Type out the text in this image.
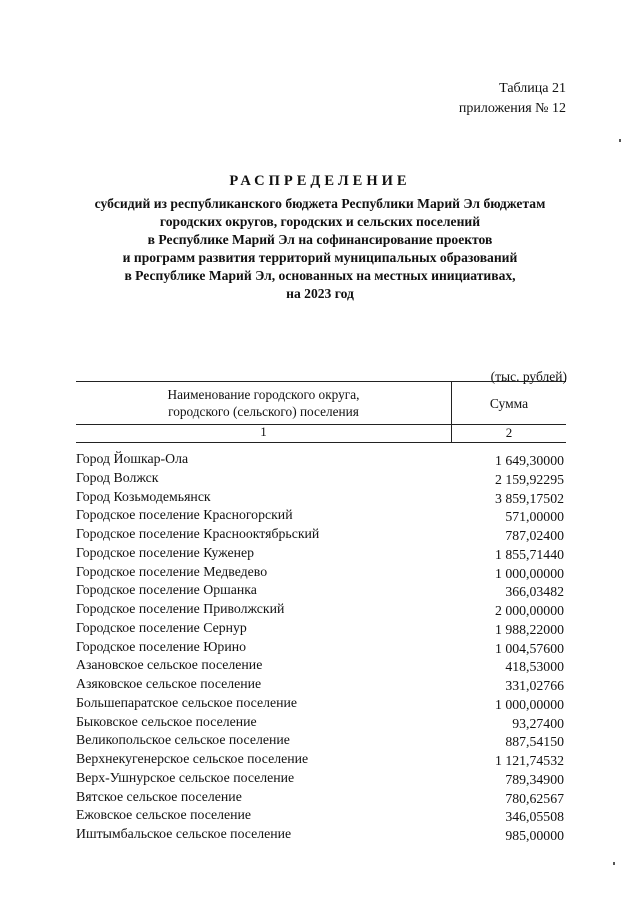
Таблица 21
приложения № 12
РАСПРЕДЕЛЕНИЕ
субсидий из республиканского бюджета Республики Марий Эл бюджетам
городских округов, городских и сельских поселений
в Республике Марий Эл на софинансирование проектов
и программ развития территорий муниципальных образований
в Республике Марий Эл, основанных на местных инициативах,
на 2023 год
(тыс. рублей)
Наименование городского округа,
городского (сельского) поселения
Сумма
1	2
Город Йошкар-Ола	1 649,30000
Город Волжск	2 159,92295
Город Козьмодемьянск	3 859,17502
Городское поселение Красногорский	571,00000
Городское поселение Краснооктябрьский	787,02400
Городское поселение Куженер	1 855,71440
Городское поселение Медведево	1 000,00000
Городское поселение Оршанка	366,03482
Городское поселение Приволжский	2 000,00000
Городское поселение Сернур	1 988,22000
Городское поселение Юрино	1 004,57600
Азановское сельское поселение	418,53000
Азяковское сельское поселение	331,02766
Большепаратское сельское поселение	1 000,00000
Быковское сельское поселение	93,27400
Великопольское сельское поселение	887,54150
Верхнекугенерское сельское поселение	1 121,74532
Верх-Ушнурское сельское поселение	789,34900
Вятское сельское поселение	780,62567
Ежовское сельское поселение	346,05508
Иштымбальское сельское поселение	985,00000
